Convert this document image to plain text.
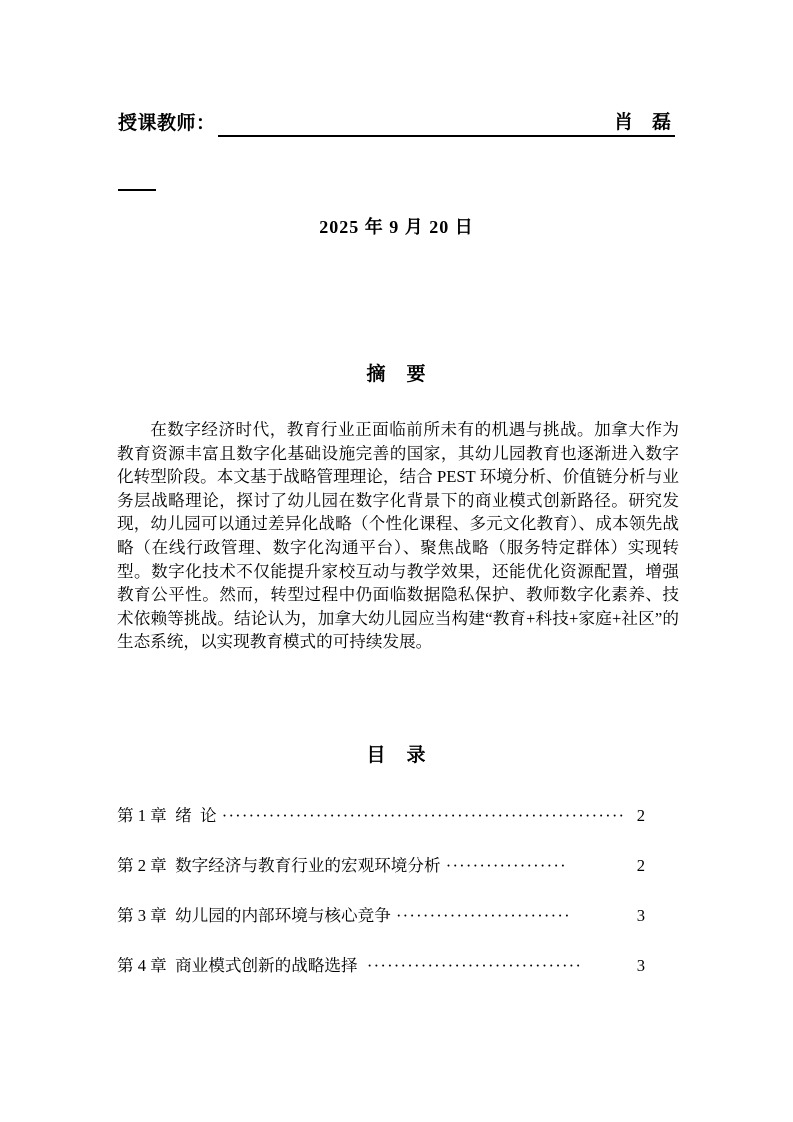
授课教师：	肖　磊
2025 年 9 月 20 日
摘　要
在数字经济时代，教育行业正面临前所未有的机遇与挑战。加拿大作为教育资源丰富且数字化基础设施完善的国家，其幼儿园教育也逐渐进入数字化转型阶段。本文基于战略管理理论，结合 PEST 环境分析、价值链分析与业务层战略理论，探讨了幼儿园在数字化背景下的商业模式创新路径。研究发现，幼儿园可以通过差异化战略（个性化课程、多元文化教育）、成本领先战略（在线行政管理、数字化沟通平台）、聚焦战略（服务特定群体）实现转型。数字化技术不仅能提升家校互动与教学效果，还能优化资源配置，增强教育公平性。然而，转型过程中仍面临数据隐私保护、教师数字化素养、技术依赖等挑战。结论认为，加拿大幼儿园应当构建“教育+科技+家庭+社区”的生态系统，以实现教育模式的可持续发展。
目　录
第 1 章  绪  论 ···························································· 2
第 2 章  数字经济与教育行业的宏观环境分析 ··················	2
第 3 章  幼儿园的内部环境与核心竞争 ··························	3
第 4 章  商业模式创新的战略选择 ································	3
